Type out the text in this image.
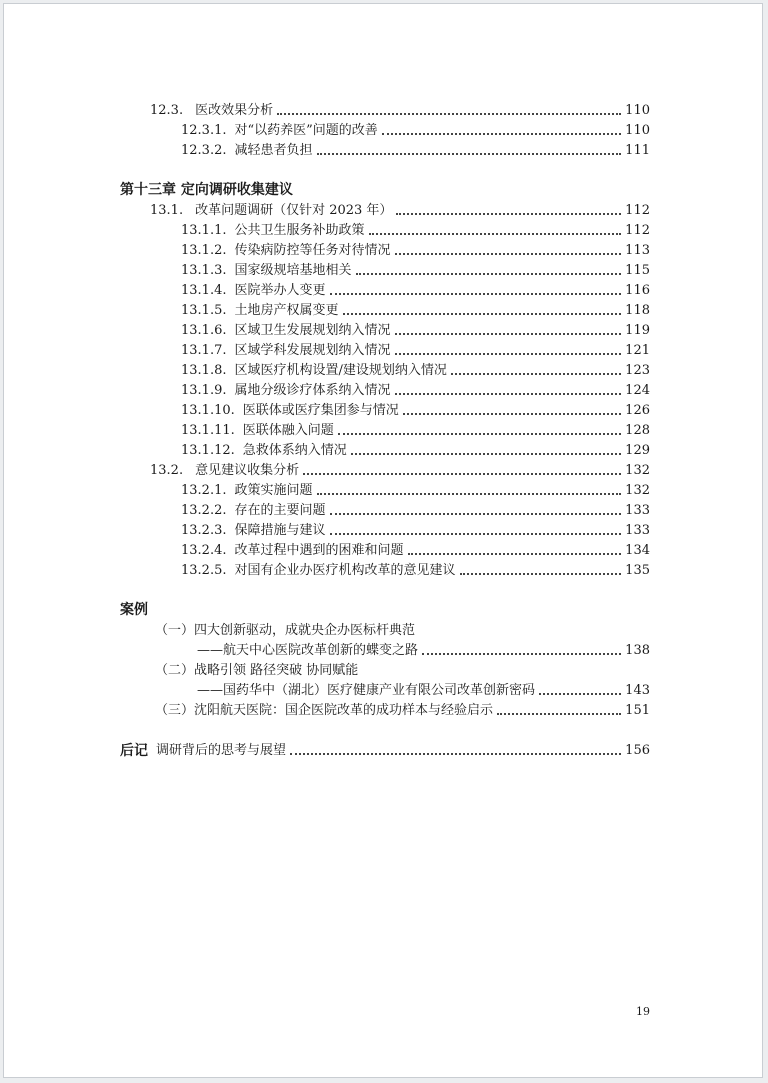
12.3. 医改效果分析	110
12.3.1. 对“以药养医”问题的改善	110
12.3.2. 减轻患者负担	111
第十三章 定向调研收集建议
13.1. 改革问题调研（仅针对 2023 年）	112
13.1.1. 公共卫生服务补助政策	112
13.1.2. 传染病防控等任务对待情况	113
13.1.3. 国家级规培基地相关	115
13.1.4. 医院举办人变更	116
13.1.5. 土地房产权属变更	118
13.1.6. 区域卫生发展规划纳入情况	119
13.1.7. 区域学科发展规划纳入情况	121
13.1.8. 区域医疗机构设置/建设规划纳入情况	123
13.1.9. 属地分级诊疗体系纳入情况	124
13.1.10. 医联体或医疗集团参与情况	126
13.1.11. 医联体融入问题	128
13.1.12. 急救体系纳入情况	129
13.2. 意见建议收集分析	132
13.2.1. 政策实施问题	132
13.2.2. 存在的主要问题	133
13.2.3. 保障措施与建议	133
13.2.4. 改革过程中遇到的困难和问题	134
13.2.5. 对国有企业办医疗机构改革的意见建议	135
案例
（一）四大创新驱动，成就央企办医标杆典范
——航天中心医院改革创新的蝶变之路	138
（二）战略引领 路径突破 协同赋能
——国药华中（湖北）医疗健康产业有限公司改革创新密码	143
（三）沈阳航天医院：国企医院改革的成功样本与经验启示	151
后记 调研背后的思考与展望	156
19
